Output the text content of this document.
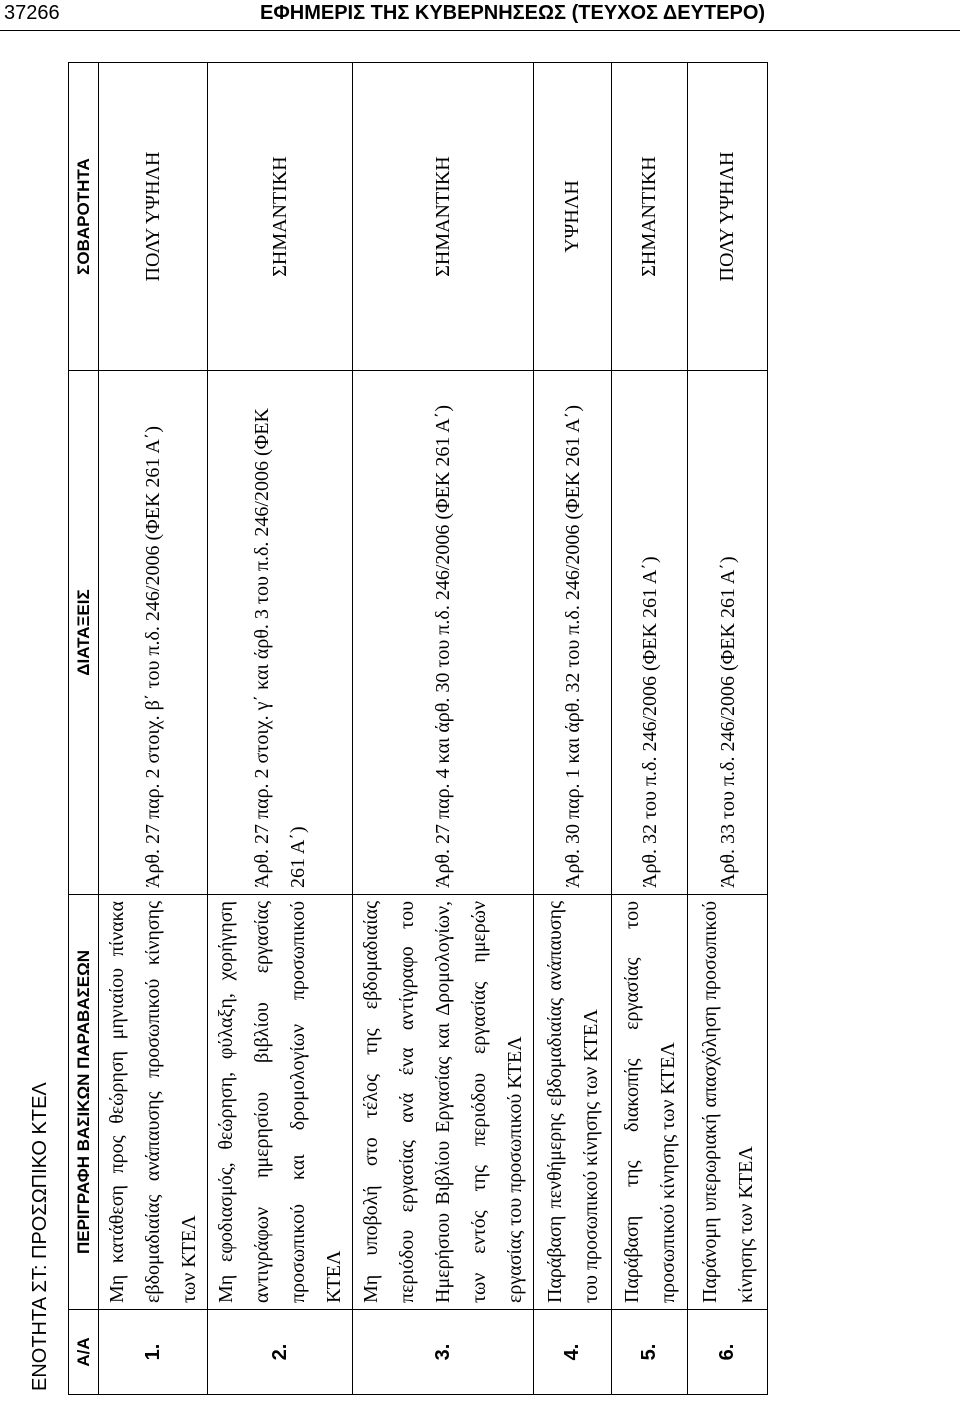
37266	ΕΦΗΜΕΡΙΣ ΤΗΣ ΚΥΒΕΡΝΗΣΕΩΣ (ΤΕΥΧΟΣ ΔΕΥΤΕΡΟ)
ΕΝΟΤΗΤΑ ΣΤ: ΠΡΟΣΩΠΙΚΟ ΚΤΕΛ	Α/Α	ΠΕΡΙΓΡΑΦΗ ΒΑΣΙΚΩΝ ΠΑΡΑΒΑΣΕΩΝ	ΔΙΑΤΑΞΕΙΣ	ΣΟΒΑΡΟΤΗΤΑ
1.	Μη κατάθεση προς θεώρηση μηνιαίου πίνακα εβδομαδιαίας ανάπαυσης προσωπικού κίνησης των ΚΤΕΛ	Άρθ. 27 παρ. 2 στοιχ. β΄ του π.δ. 246/2006 (ΦΕΚ 261 Α΄)	ΠΟΛΥ ΥΨΗΛΗ
2.	Μη εφοδιασμός, θεώρηση, φύλαξη, χορήγηση αντιγράφων ημερησίου βιβλίου εργασίας προσωπικού και δρομολογίων προσωπικού ΚΤΕΛ	Άρθ. 27 παρ. 2 στοιχ. γ΄ και άρθ. 3 του π.δ. 246/2006 (ΦΕΚ 261 Α΄)	ΣΗΜΑΝΤΙΚΗ
3.	Μη υποβολή στο τέλος της εβδομαδιαίας περιόδου εργασίας ανά ένα αντίγραφο του Ημερήσιου Βιβλίου Εργασίας και Δρομολογίων, των εντός της περιόδου εργασίας ημερών εργασίας του προσωπικού ΚΤΕΛ	Άρθ. 27 παρ. 4 και άρθ. 30 του π.δ. 246/2006 (ΦΕΚ 261 Α΄)	ΣΗΜΑΝΤΙΚΗ
4.	Παράβαση πενθήμερης εβδομαδιαίας ανάπαυσης του προσωπικού κίνησης των ΚΤΕΛ	Άρθ. 30 παρ. 1 και άρθ. 32 του π.δ. 246/2006 (ΦΕΚ 261 Α΄)	ΥΨΗΛΗ
5.	Παράβαση της διακοπής εργασίας του προσωπικού κίνησης των ΚΤΕΛ	Άρθ. 32 του π.δ. 246/2006 (ΦΕΚ 261 Α΄)	ΣΗΜΑΝΤΙΚΗ
6.	Παράνομη υπερωριακή απασχόληση προσωπικού κίνησης των ΚΤΕΛ	Άρθ. 33 του π.δ. 246/2006 (ΦΕΚ 261 Α΄)	ΠΟΛΥ ΥΨΗΛΗ
